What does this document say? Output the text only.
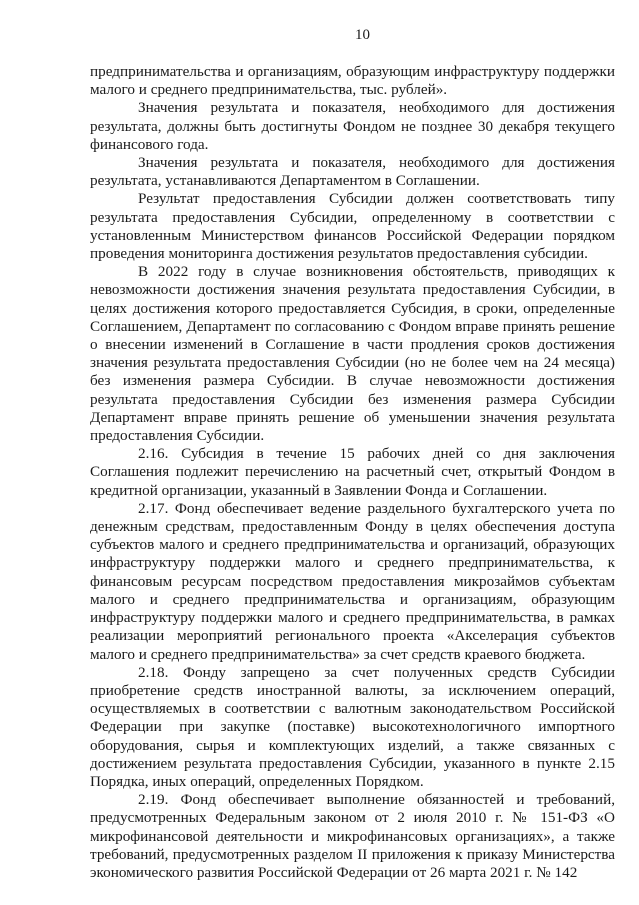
10

предпринимательства и организациям, образующим инфраструктуру поддержки малого и среднего предпринимательства, тыс. рублей».

Значения результата и показателя, необходимого для достижения результата, должны быть достигнуты Фондом не позднее 30 декабря текущего финансового года.

Значения результата и показателя, необходимого для достижения результата, устанавливаются Департаментом в Соглашении.

Результат предоставления Субсидии должен соответствовать типу результата предоставления Субсидии, определенному в соответствии с установленным Министерством финансов Российской Федерации порядком проведения мониторинга достижения результатов предоставления субсидии.

В 2022 году в случае возникновения обстоятельств, приводящих к невозможности достижения значения результата предоставления Субсидии, в целях достижения которого предоставляется Субсидия, в сроки, определенные Соглашением, Департамент по согласованию с Фондом вправе принять решение о внесении изменений в Соглашение в части продления сроков достижения значения результата предоставления Субсидии (но не более чем на 24 месяца) без изменения размера Субсидии. В случае невозможности достижения результата предоставления Субсидии без изменения размера Субсидии Департамент вправе принять решение об уменьшении значения результата предоставления Субсидии.

2.16. Субсидия в течение 15 рабочих дней со дня заключения Соглашения подлежит перечислению на расчетный счет, открытый Фондом в кредитной организации, указанный в Заявлении Фонда и Соглашении.

2.17. Фонд обеспечивает ведение раздельного бухгалтерского учета по денежным средствам, предоставленным Фонду в целях обеспечения доступа субъектов малого и среднего предпринимательства и организаций, образующих инфраструктуру поддержки малого и среднего предпринимательства, к финансовым ресурсам посредством предоставления микрозаймов субъектам малого и среднего предпринимательства и организациям, образующим инфраструктуру поддержки малого и среднего предпринимательства, в рамках реализации мероприятий регионального проекта «Акселерация субъектов малого и среднего предпринимательства» за счет средств краевого бюджета.

2.18. Фонду запрещено за счет полученных средств Субсидии приобретение средств иностранной валюты, за исключением операций, осуществляемых в соответствии с валютным законодательством Российской Федерации при закупке (поставке) высокотехнологичного импортного оборудования, сырья и комплектующих изделий, а также связанных с достижением результата предоставления Субсидии, указанного в пункте 2.15 Порядка, иных операций, определенных Порядком.

2.19. Фонд обеспечивает выполнение обязанностей и требований, предусмотренных Федеральным законом от 2 июля 2010 г. № 151-ФЗ «О микрофинансовой деятельности и микрофинансовых организациях», а также требований, предусмотренных разделом II приложения к приказу Министерства экономического развития Российской Федерации от 26 марта 2021 г. № 142
